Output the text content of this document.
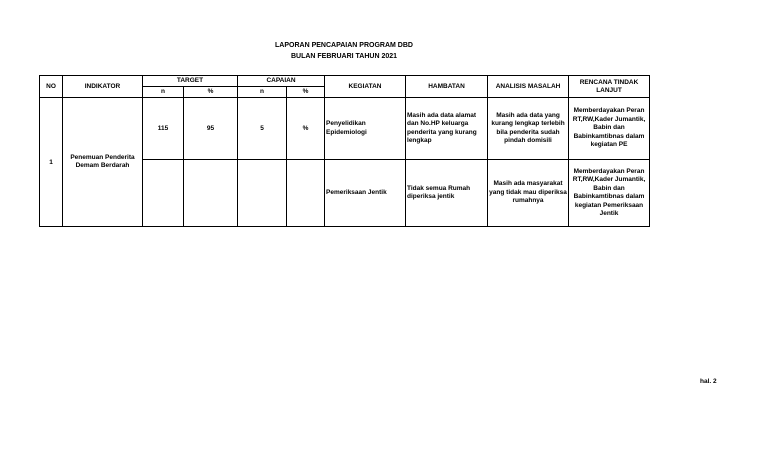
LAPORAN PENCAPAIAN PROGRAM DBD
BULAN FEBRUARI TAHUN 2021
NO	INDIKATOR	TARGET		CAPAIAN		KEGIATAN	HAMBATAN	ANALISIS MASALAH	RENCANA TINDAK LANJUT
		n	%	n	%				
1	Penemuan Penderita Demam Berdarah	115	95	5	%	Penyelidikan Epidemiologi	Masih ada data alamat dan No.HP keluarga penderita yang kurang lengkap	Masih ada data yang kurang lengkap terlebih bila penderita sudah pindah domisili	Memberdayakan Peran RT,RW,Kader Jumantik, Babin dan Babinkamtibnas dalam kegiatan PE
						Pemeriksaan Jentik	Tidak semua Rumah diperiksa jentik	Masih ada masyarakat yang tidak mau diperiksa rumahnya	Memberdayakan Peran RT,RW,Kader Jumantik, Babin dan Babinkamtibnas dalam kegiatan Pemeriksaan Jentik
hal. 2
